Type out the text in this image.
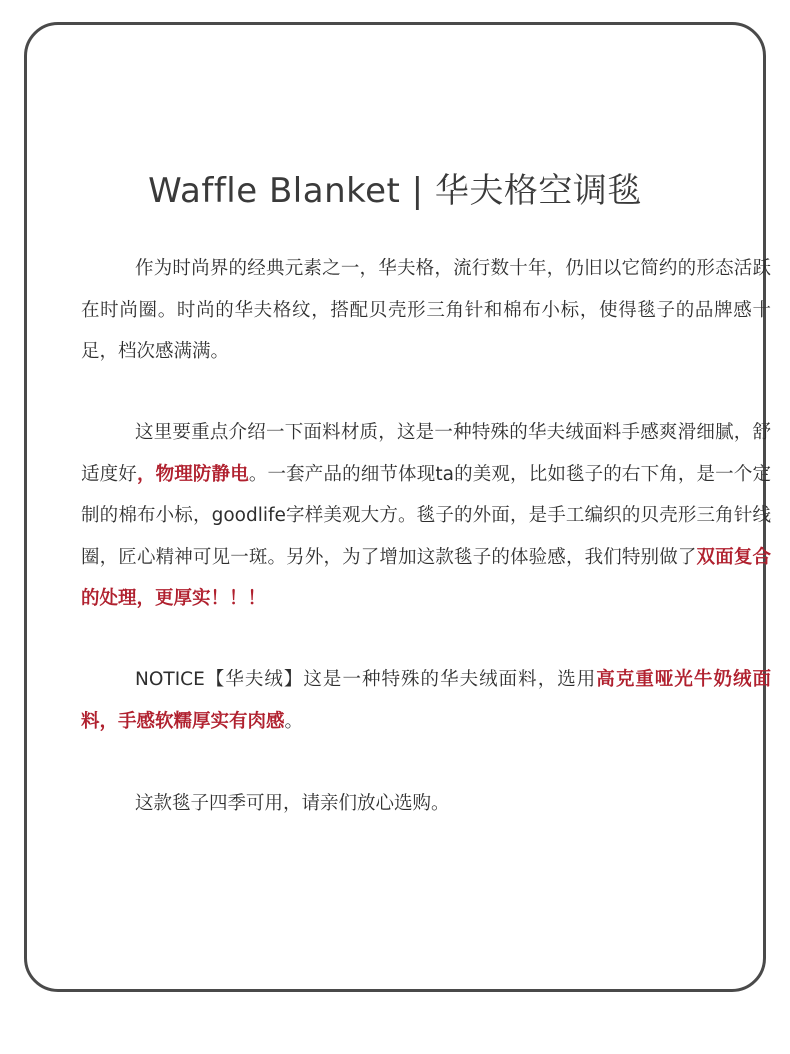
Waffle Blanket | 华夫格空调毯

作为时尚界的经典元素之一，华夫格，流行数十年，仍旧以它简约的形态活跃在时尚圈。时尚的华夫格纹，搭配贝壳形三角针和棉布小标，使得毯子的品牌感十足，档次感满满。

这里要重点介绍一下面料材质，这是一种特殊的华夫绒面料手感爽滑细腻，舒适度好，物理防静电。一套产品的细节体现ta的美观，比如毯子的右下角，是一个定制的棉布小标，goodlife字样美观大方。毯子的外面，是手工编织的贝壳形三角针线圈，匠心精神可见一斑。另外，为了增加这款毯子的体验感，我们特别做了双面复合的处理，更厚实！！！

NOTICE【华夫绒】这是一种特殊的华夫绒面料，选用高克重哑光牛奶绒面料，手感软糯厚实有肉感。

这款毯子四季可用，请亲们放心选购。
